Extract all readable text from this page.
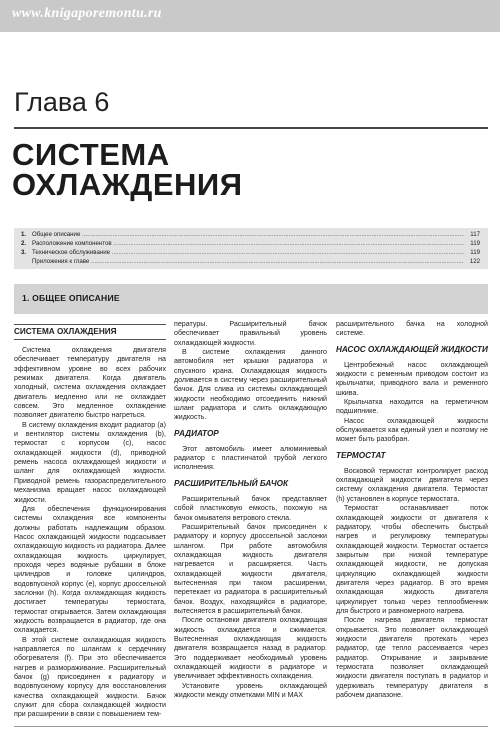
www.knigaporemontu.ru
Глава 6
СИСТЕМА
ОХЛАЖДЕНИЯ
1. Общее описание .....	117
2. Расположение компонентов .....	119
3. Техническое обслуживание .....	119
Приложения к главе .....	122
1. ОБЩЕЕ ОПИСАНИЕ
СИСТЕМА ОХЛАЖДЕНИЯ

Система охлаждения двигателя обеспечивает температуру двигателя на эффективном уровне во всех рабочих режимах двигателя. Когда двигатель холодный, система охлаждения охлаждает двигатель медленно или не охлаждает совсем. Это медленное охлаждение позволяет двигателю быстро нагреться.

В систему охлаждения входит радиатор (а) и вентилятор системы охлаждения (b), термостат с корпусом (с), насос охлаждающей жидкости (d), приводной ремень насоса охлаждающей жидкости и шланг для охлаждающей жидкости. Приводной ремень газораспределительного механизма вращает насос охлаждающей жидкости.

Для обеспечения функционирования системы охлаждения все компоненты должны работать надлежащим образом. Насос охлаждающей жидкости подсасывает охлаждающую жидкость из радиатора. Далее охлаждающая жидкость циркулирует, проходя через водяные рубашки в блоке цилиндров и головке цилиндров, водовпускной корпус (е), корпус дроссельной заслонки (h). Когда охлаждающая жидкость достигает температуры термостата, термостат открывается. Затем охлаждающая жидкость возвращается в радиатор, где она охлаждается.

В этой системе охлаждающая жидкость направляется по шлангам к сердечнику обогревателя (f). При это обеспечивается нагрев и размораживание. Расширительный бачок (g) присоединен к радиатору и водовпускному корпусу для восстановления качества охлаждающей жидкости. Бачок служит для сбора охлаждающей жидкости при расширении в связи с повышением тем-

пературы. Расширительный бачок обеспечивает правильный уровень охлаждающей жидкости.

В системе охлаждения данного автомобиля нет крышки радиатора и спускного крана. Охлаждающая жидкость доливается в систему через расширительный бачок. Для слива из системы охлаждающей жидкости необходимо отсоединить нижний шланг радиатора и слить охлаждающую жидкость.

РАДИАТОР

Этот автомобиль имеет алюминиевый радиатор с пластинчатой трубой легкого исполнения.

РАСШИРИТЕЛЬНЫЙ БАЧОК

Расширительный бачок представляет собой пластиковую емкость, похожую на бачок омывателя ветрового стекла.

Расширительный бачок присоединен к радиатору и корпусу дроссельной заслонки шлангом. При работе автомобиля охлаждающая жидкость двигателя нагревается и расширяется. Часть охлаждающей жидкости двигателя, вытесненная при таком расширении, перетекает из радиатора в расширительный бачок. Воздух, находящийся в радиаторе, вытесняется в расширительный бачок.

После остановки двигателя охлаждающая жидкость охлаждается и сжимается. Вытесненная охлаждающая жидкость двигателя возвращается назад в радиатор. Это поддерживает необходимый уровень охлаждающей жидкости в радиаторе и увеличивает эффективность охлаждения.

Установите уровень охлаждающей жидкости между отметками MIN и MAX

расширительного бачка на холодной системе.

НАСОС ОХЛАЖДАЮЩЕЙ ЖИДКОСТИ

Центробежный насос охлаждающей жидкости с ременным приводом состоит из крыльчатки, приводного вала и ременного шкива.

Крыльчатка находится на герметичном подшипнике.

Насос охлаждающей жидкости обслуживается как единый узел и поэтому не может быть разобран.

ТЕРМОСТАТ

Восковой термостат контролирует расход охлаждающей жидкости двигателя через систему охлаждения двигателя. Термостат (h) установлен в корпусе термостата.

Термостат останавливает поток охлаждающей жидкости от двигателя к радиатору, чтобы обеспечить быстрый нагрев и регулировку температуры охлаждающей жидкости. Термостат остается закрытым при низкой температуре охлаждающей жидкости, не допуская циркуляцию охлаждающей жидкости двигателя через радиатор. В это время охлаждающая жидкость двигателя циркулирует только через теплообменник для быстрого и равномерного нагрева.

После нагрева двигателя термостат открывается. Это позволяет охлаждающей жидкости двигателя протекать через радиатор, где тепло рассеивается через радиатор. Открывание и закрывание термостата позволяет охлаждающей жидкости двигателя поступать в радиатор и удерживать температуру двигателя в рабочем диапазоне.
